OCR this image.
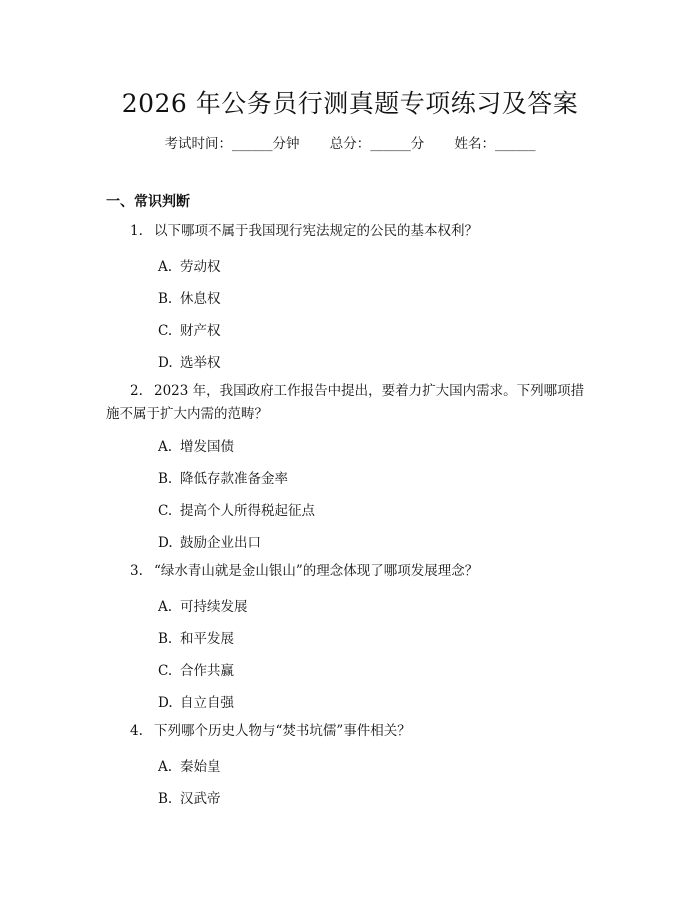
2026 年公务员行测真题专项练习及答案
考试时间：______分钟 总分：______分 姓名：______
一、常识判断
1. 以下哪项不属于我国现行宪法规定的公民的基本权利？
A. 劳动权
B. 休息权
C. 财产权
D. 选举权
2. 2023 年，我国政府工作报告中提出，要着力扩大国内需求。下列哪项措施不属于扩大内需的范畴？
A. 增发国债
B. 降低存款准备金率
C. 提高个人所得税起征点
D. 鼓励企业出口
3. “绿水青山就是金山银山”的理念体现了哪项发展理念？
A. 可持续发展
B. 和平发展
C. 合作共赢
D. 自立自强
4. 下列哪个历史人物与“焚书坑儒”事件相关？
A. 秦始皇
B. 汉武帝
